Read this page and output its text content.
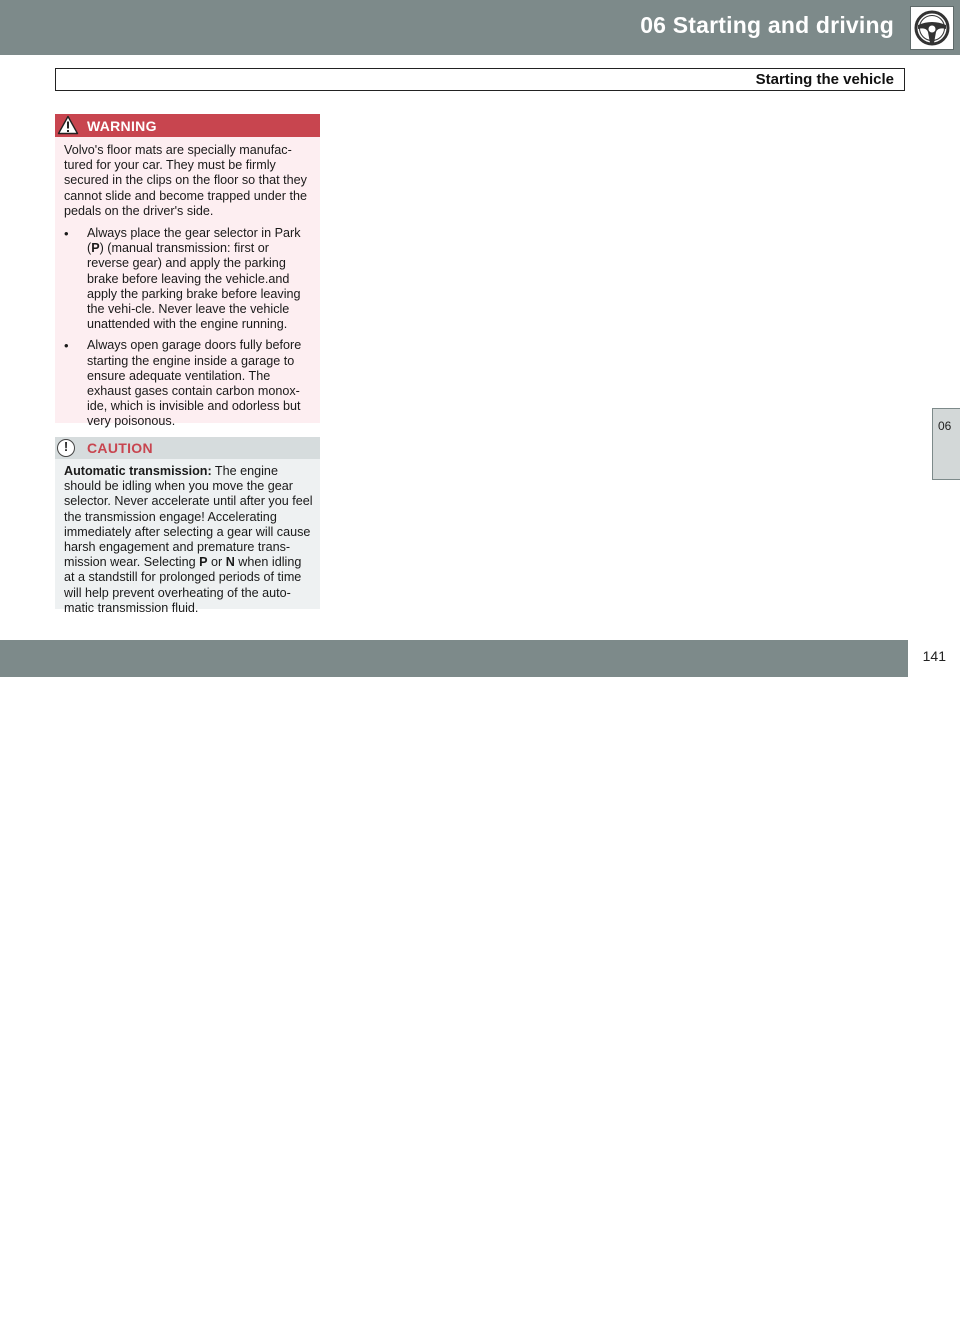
06 Starting and driving
Starting the vehicle
WARNING

Volvo's floor mats are specially manufac-tured for your car. They must be firmly secured in the clips on the floor so that they cannot slide and become trapped under the pedals on the driver's side.

• Always place the gear selector in Park (P) (manual transmission: first or reverse gear) and apply the parking brake before leaving the vehicle.and apply the parking brake before leaving the vehi-cle. Never leave the vehicle unattended with the engine running.
• Always open garage doors fully before starting the engine inside a garage to ensure adequate ventilation. The exhaust gases contain carbon monox-ide, which is invisible and odorless but very poisonous.
!	CAUTION

Automatic transmission: The engine should be idling when you move the gear selector. Never accelerate until after you feel the transmission engage! Accelerating immediately after selecting a gear will cause harsh engagement and premature trans-mission wear. Selecting P or N when idling at a standstill for prolonged periods of time will help prevent overheating of the auto-matic transmission fluid.

06
carmanualsonline.info
141
